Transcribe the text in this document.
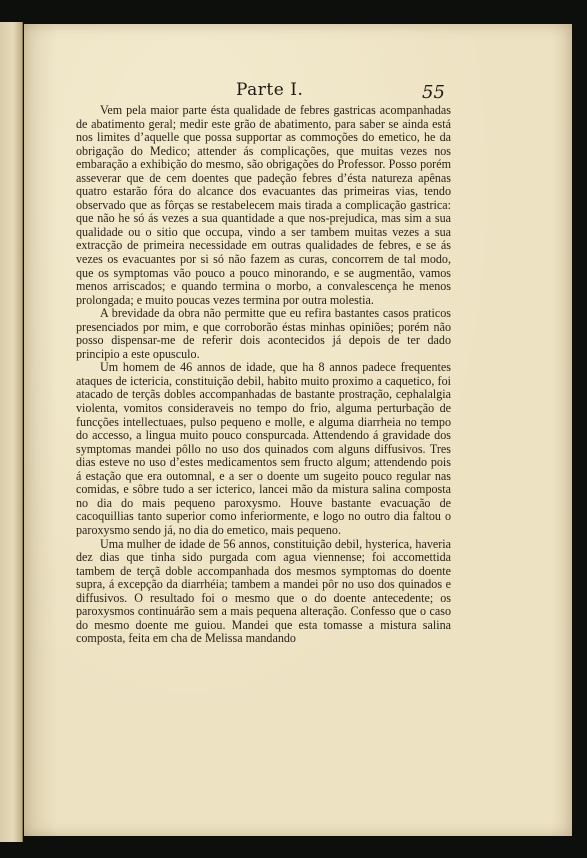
Parte I.	55

Vem pela maior parte ésta qualidade de febres gastricas acompanhadas de abatimento geral; medir este grão de abatimento, para saber se ainda está nos limites d’aquelle que possa supportar as commoções do emetico, he da obrigação do Medico; attender ás complicações, que muitas vezes nos embaração a exhibição do mesmo, são obrigações do Professor. Posso porém asseverar que de cem doentes que padeção febres d’ésta natureza apênas quatro estarão fóra do alcance dos evacuantes das primeiras vias, tendo observado que as fôrças se restabelecem mais tirada a complicação gastrica: que não he só ás vezes a sua quantidade a que nos-prejudica, mas sim a sua qualidade ou o sitio que occupa, vindo a ser tambem muitas vezes a sua extracção de primeira necessidade em outras qualidades de febres, e se ás vezes os evacuantes por si só não fazem as curas, concorrem de tal modo, que os symptomas vão pouco a pouco minorando, e se augmentão, vamos menos arriscados; e quando termina o morbo, a convalescença he menos prolongada; e muito poucas vezes termina por outra molestia.

A brevidade da obra não permitte que eu refira bastantes casos praticos presenciados por mim, e que corroborão éstas minhas opiniões; porém não posso dispensar-me de referir dois acontecidos já depois de ter dado principio a este opusculo.

Um homem de 46 annos de idade, que ha 8 annos padece frequentes ataques de ictericia, constituição debil, habito muito proximo a caquetico, foi atacado de terçãs dobles accompanhadas de bastante prostração, cephalalgia violenta, vomitos consideraveis no tempo do frio, alguma perturbação de funcções intellectuaes, pulso pequeno e molle, e alguma diarrheia no tempo do accesso, a lingua muito pouco conspurcada. Attendendo á gravidade dos symptomas mandei pôllo no uso dos quinados com alguns diffusivos. Tres dias esteve no uso d’estes medicamentos sem fructo algum; attendendo pois á estação que era outomnal, e a ser o doente um sugeito pouco regular nas comidas, e sôbre tudo a ser icterico, lancei mão da mistura salina composta no dia do mais pequeno paroxysmo. Houve bastante evacuação de cacoquillias tanto superior como inferiormente, e logo no outro dia faltou o paroxysmo sendo já, no dia do emetico, mais pequeno.

Uma mulher de idade de 56 annos, constituição debil, hysterica, haveria dez dias que tinha sido purgada com agua viennense; foi accomettida tambem de terçã doble accompanhada dos mesmos symptomas do doente supra, á excepção da diarrhéia; tambem a mandei pôr no uso dos quinados e diffusivos. O resultado foi o mesmo que o do doente antecedente; os paroxysmos continuárão sem a mais pequena alteração. Confesso que o caso do mesmo doente me guiou. Mandei que esta tomasse a mistura salina composta, feita em cha de Melissa mandando
